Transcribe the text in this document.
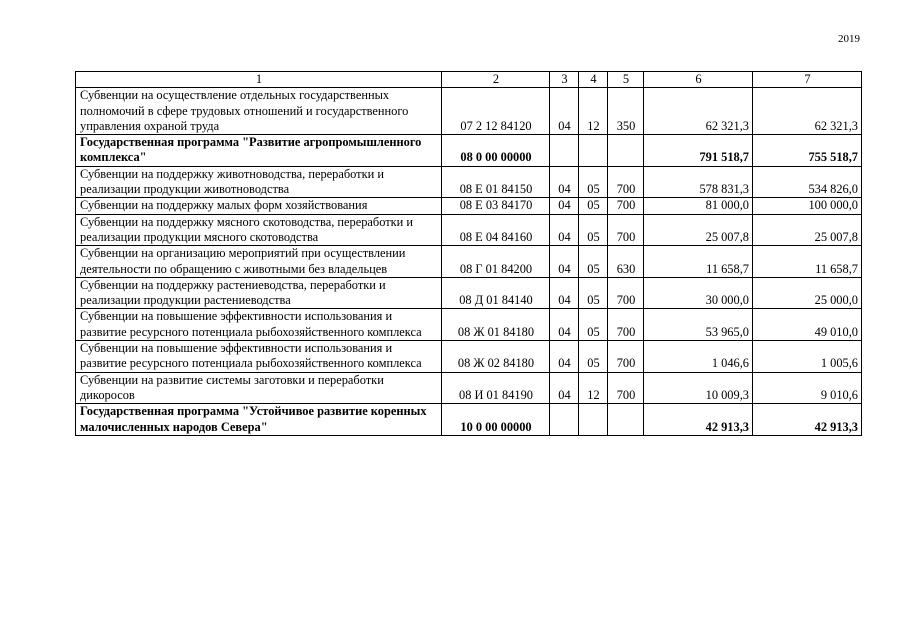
2019
1	2	3	4	5	6	7
Субвенции на осуществление отдельных государственных полномочий в сфере трудовых отношений и государственного управления охраной труда	07 2 12 84120	04	12	350	62 321,3	62 321,3
Государственная программа "Развитие агропромышленного комплекса"	08 0 00 00000				791 518,7	755 518,7
Субвенции на поддержку животноводства, переработки и реализации продукции животноводства	08 Е 01 84150	04	05	700	578 831,3	534 826,0
Субвенции на поддержку малых форм хозяйствования	08 Е 03 84170	04	05	700	81 000,0	100 000,0
Субвенции на поддержку мясного скотоводства, переработки и реализации продукции мясного скотоводства	08 Е 04 84160	04	05	700	25 007,8	25 007,8
Субвенции на организацию мероприятий при осуществлении деятельности по обращению с животными без владельцев	08 Г 01 84200	04	05	630	11 658,7	11 658,7
Субвенции на поддержку растениеводства, переработки и реализации продукции растениеводства	08 Д 01 84140	04	05	700	30 000,0	25 000,0
Субвенции на повышение эффективности использования и развитие ресурсного потенциала рыбохозяйственного комплекса	08 Ж 01 84180	04	05	700	53 965,0	49 010,0
Субвенции на повышение эффективности использования и развитие ресурсного потенциала рыбохозяйственного комплекса	08 Ж 02 84180	04	05	700	1 046,6	1 005,6
Субвенции на развитие системы заготовки и переработки дикоросов	08 И 01 84190	04	12	700	10 009,3	9 010,6
Государственная программа "Устойчивое развитие коренных малочисленных народов Севера"	10 0 00 00000				42 913,3	42 913,3
